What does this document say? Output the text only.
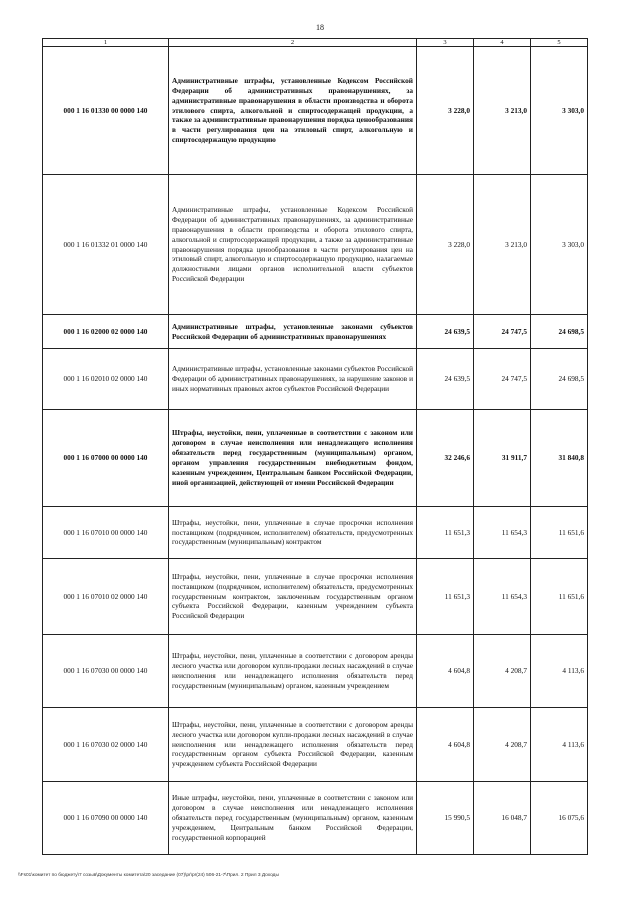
18
1	2	3	4	5
000 1 16 01330 00 0000 140	Административные штрафы, установленные Кодексом Российской Федерации об административных правонарушениях, за административные правонарушения в области производства и оборота этилового спирта, алкогольной и спиртосодержащей продукции, а также за административные правонарушения порядка ценообразования в части регулирования цен на этиловый спирт, алкогольную и спиртосодержащую продукцию	3 228,0	3 213,0	3 303,0
000 1 16 01332 01 0000 140	Административные штрафы, установленные Кодексом Российской Федерации об административных правонарушениях, за административные правонарушения в области производства и оборота этилового спирта, алкогольной и спиртосодержащей продукции, а также за административные правонарушения порядка ценообразования в части регулирования цен на этиловый спирт, алкогольную и спиртосодержащую продукцию, налагаемые должностными лицами органов исполнительной власти субъектов Российской Федерации	3 228,0	3 213,0	3 303,0
000 1 16 02000 02 0000 140	Административные штрафы, установленные законами субъектов Российской Федерации об административных правонарушениях	24 639,5	24 747,5	24 698,5
000 1 16 02010 02 0000 140	Административные штрафы, установленные законами субъектов Российской Федерации об административных правонарушениях, за нарушение законов и иных нормативных правовых актов субъектов Российской Федерации	24 639,5	24 747,5	24 698,5
000 1 16 07000 00 0000 140	Штрафы, неустойки, пени, уплаченные в соответствии с законом или договором в случае неисполнения или ненадлежащего исполнения обязательств перед государственным (муниципальным) органом, органом управления государственным внебюджетным фондом, казенным учреждением, Центральным банком Российской Федерации, иной организацией, действующей от имени Российской Федерации	32 246,6	31 911,7	31 840,8
000 1 16 07010 00 0000 140	Штрафы, неустойки, пени, уплаченные в случае просрочки исполнения поставщиком (подрядчиком, исполнителем) обязательств, предусмотренных государственным (муниципальным) контрактом	11 651,3	11 654,3	11 651,6
000 1 16 07010 02 0000 140	Штрафы, неустойки, пени, уплаченные в случае просрочки исполнения поставщиком (подрядчиком, исполнителем) обязательств, предусмотренных государственным контрактом, заключенным государственным органом субъекта Российской Федерации, казенным учреждением субъекта Российской Федерации	11 651,3	11 654,3	11 651,6
000 1 16 07030 00 0000 140	Штрафы, неустойки, пени, уплаченные в соответствии с договором аренды лесного участка или договором купли-продажи лесных насаждений в случае неисполнения или ненадлежащего исполнения обязательств перед государственным (муниципальным) органом, казенным учреждением	4 604,8	4 208,7	4 113,6
000 1 16 07030 02 0000 140	Штрафы, неустойки, пени, уплаченные в соответствии с договором аренды лесного участка или договором купли-продажи лесных насаждений в случае неисполнения или ненадлежащего исполнения обязательств перед государственным органом субъекта Российской Федерации, казенным учреждением субъекта Российской Федерации	4 604,8	4 208,7	4 113,6
000 1 16 07090 00 0000 140	Иные штрафы, неустойки, пени, уплаченные в соответствии с законом или договором в случае неисполнения или ненадлежащего исполнения обязательств перед государственным (муниципальным) органом, казенным учреждением, Центральным банком Российской Федерации, государственной корпорацией	15 990,5	16 048,7	16 075,6
\\Fs01\комитет по бюджету\7 созыв\Документы комитета\20 заседание (07)\pr\pr(24) 506-21-7\Прил. 2 Прил 3 Доходы
